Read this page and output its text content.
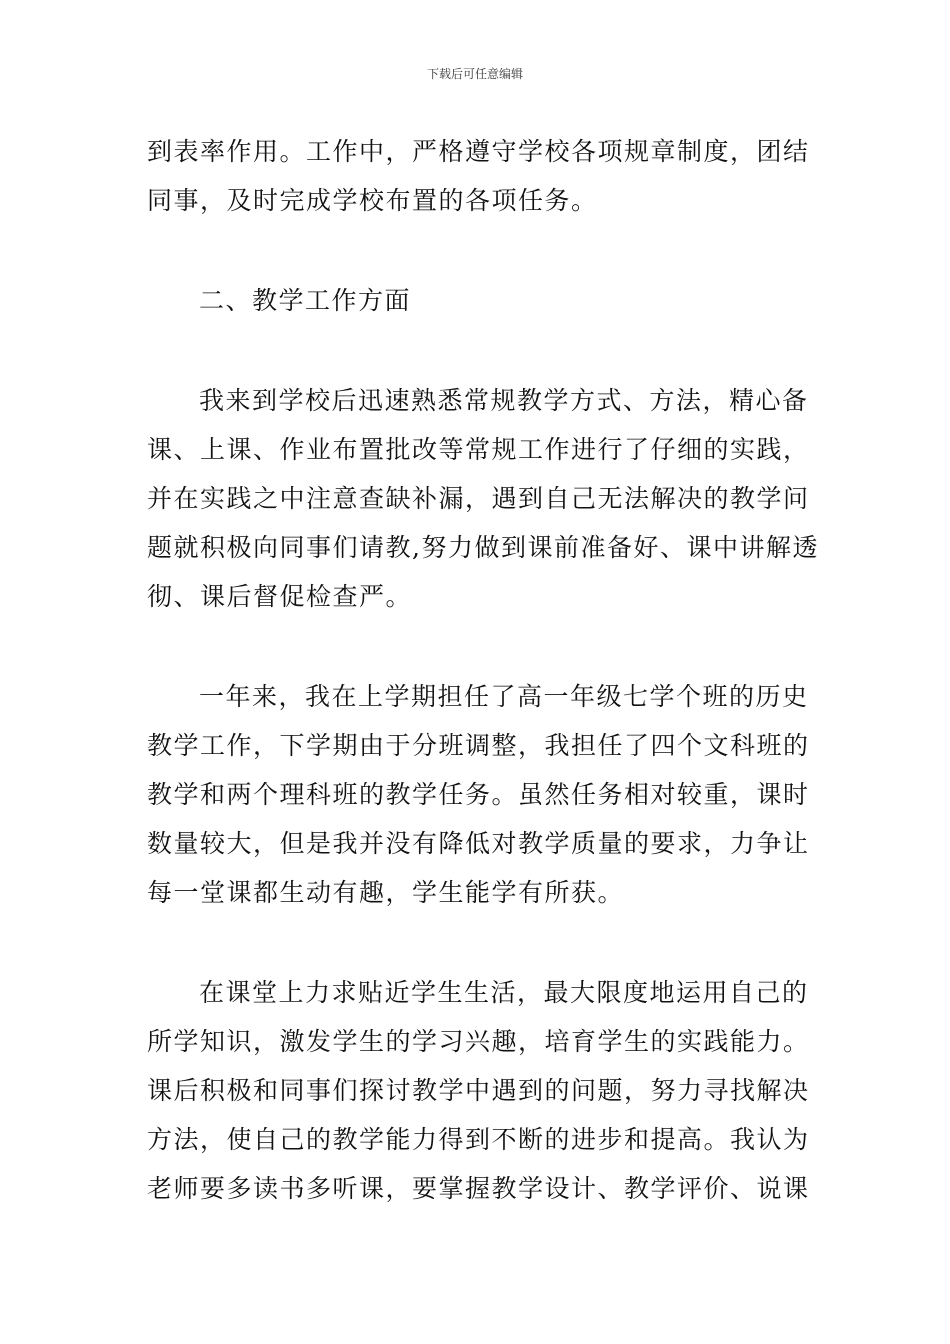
下载后可任意编辑
到表率作用。工作中，严格遵守学校各项规章制度，团结
同事，及时完成学校布置的各项任务。
二、教学工作方面
我来到学校后迅速熟悉常规教学方式、方法，精心备
课、上课、作业布置批改等常规工作进行了仔细的实践，
并在实践之中注意查缺补漏，遇到自己无法解决的教学问
题就积极向同事们请教,努力做到课前准备好、课中讲解透
彻、课后督促检查严。
一年来，我在上学期担任了高一年级七学个班的历史
教学工作，下学期由于分班调整，我担任了四个文科班的
教学和两个理科班的教学任务。虽然任务相对较重，课时
数量较大，但是我并没有降低对教学质量的要求，力争让
每一堂课都生动有趣，学生能学有所获。
在课堂上力求贴近学生生活，最大限度地运用自己的
所学知识，激发学生的学习兴趣，培育学生的实践能力。
课后积极和同事们探讨教学中遇到的问题，努力寻找解决
方法，使自己的教学能力得到不断的进步和提高。我认为
老师要多读书多听课，要掌握教学设计、教学评价、说课
